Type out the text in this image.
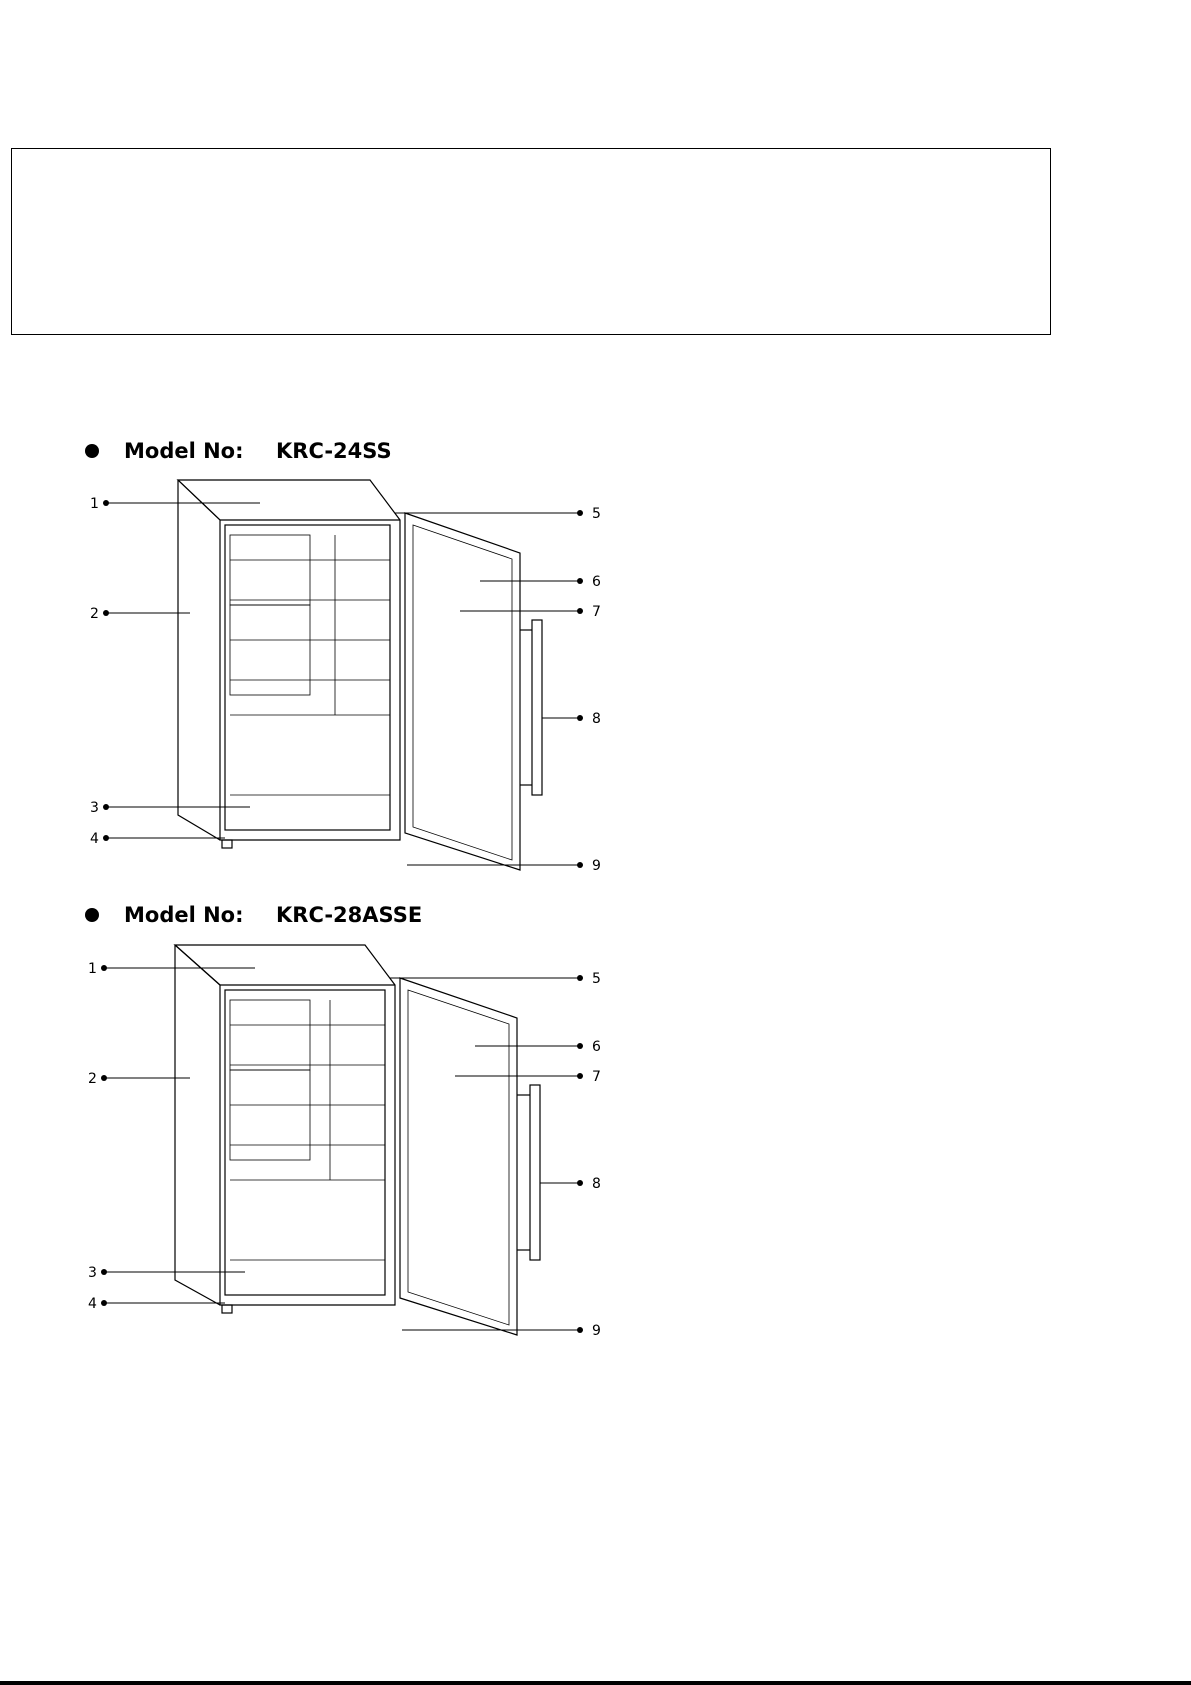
Model No:	KRC-24SS
1
2
3
4
5
6
7
8
9
Model No:	KRC-28ASSE
1
2
3
4
5
6
7
8
9
